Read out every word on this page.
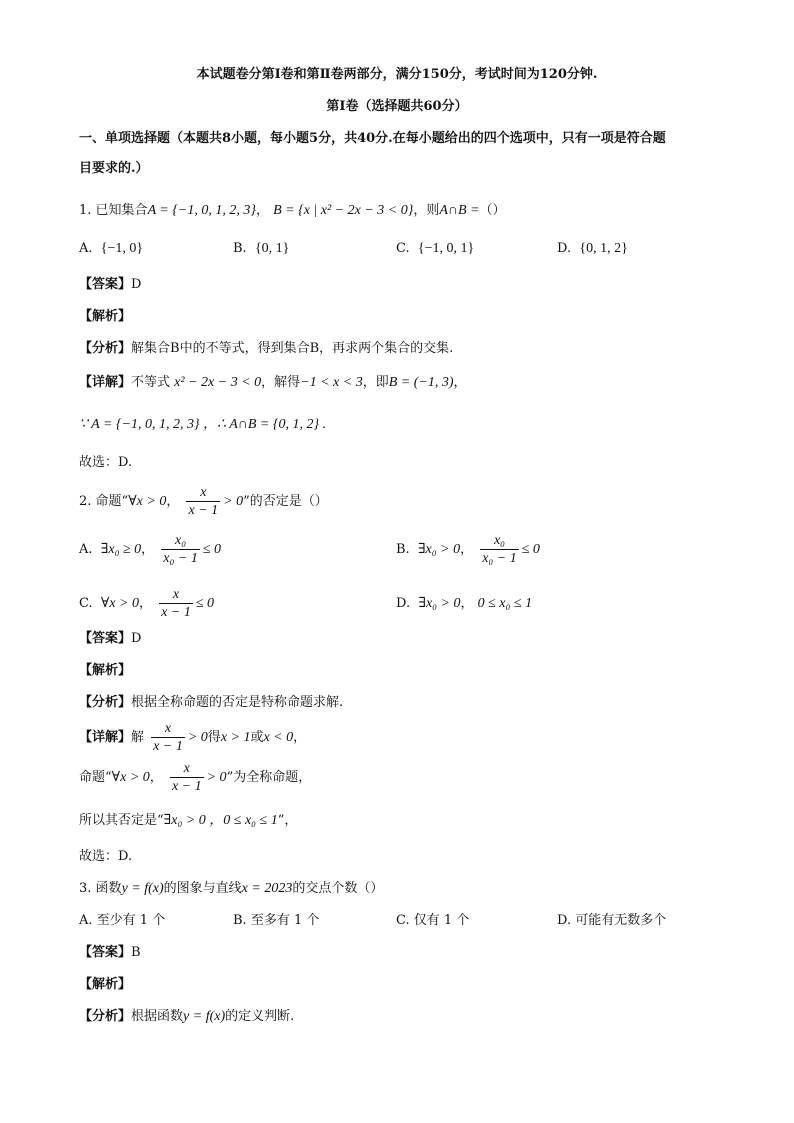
本试题卷分第Ⅰ卷和第Ⅱ卷两部分，满分150分，考试时间为120分钟.
第Ⅰ卷（选择题共60分）
一、单项选择题（本题共8小题，每小题5分，共40分.在每小题给出的四个选项中，只有一项是符合题
目要求的.）
1. 已知集合A = {−1, 0, 1, 2, 3}， B = {x | x² − 2x − 3 < 0}，则A∩B =（）
A. {−1, 0}	B. {0, 1}	C. {−1, 0, 1}	D. {0, 1, 2}
【答案】D
【解析】
【分析】解集合B中的不等式，得到集合B，再求两个集合的交集.
【详解】不等式 x² − 2x − 3 < 0，解得−1 < x < 3，即B = (−1, 3)，
∵ A = {−1, 0, 1, 2, 3} ，∴ A∩B = {0, 1, 2} .
故选：D.
2. 命题“∀x > 0， $\frac{x}{x - 1} > 0$”的否定是（）
A. ∃x₀ ≥ 0， $\frac{\text{x₀}}{\text{x₀ − 1}} \le 0$	B. ∃x₀ > 0， $\frac{\text{x₀}}{\text{x₀ − 1}} \le 0$
C. ∀x > 0， $\frac{x}{x - 1} \le 0$	D. ∃x₀ > 0， 0 ≤ x₀ ≤ 1
【答案】D
【解析】
【分析】根据全称命题的否定是特称命题求解.
【详解】解 $\frac{x}{x - 1} > 0$得x > 1或x < 0，
命题“∀x > 0， $\frac{x}{x - 1} > 0$”为全称命题，
所以其否定是“∃x₀ > 0 ，0 ≤ x₀ ≤ 1”，
故选：D.
3. 函数y = f(x)的图象与直线x = 2023的交点个数（）
A. 至少有 1 个	B. 至多有 1 个	C. 仅有 1 个	D. 可能有无数多个
【答案】B
【解析】
【分析】根据函数y = f(x)的定义判断.
